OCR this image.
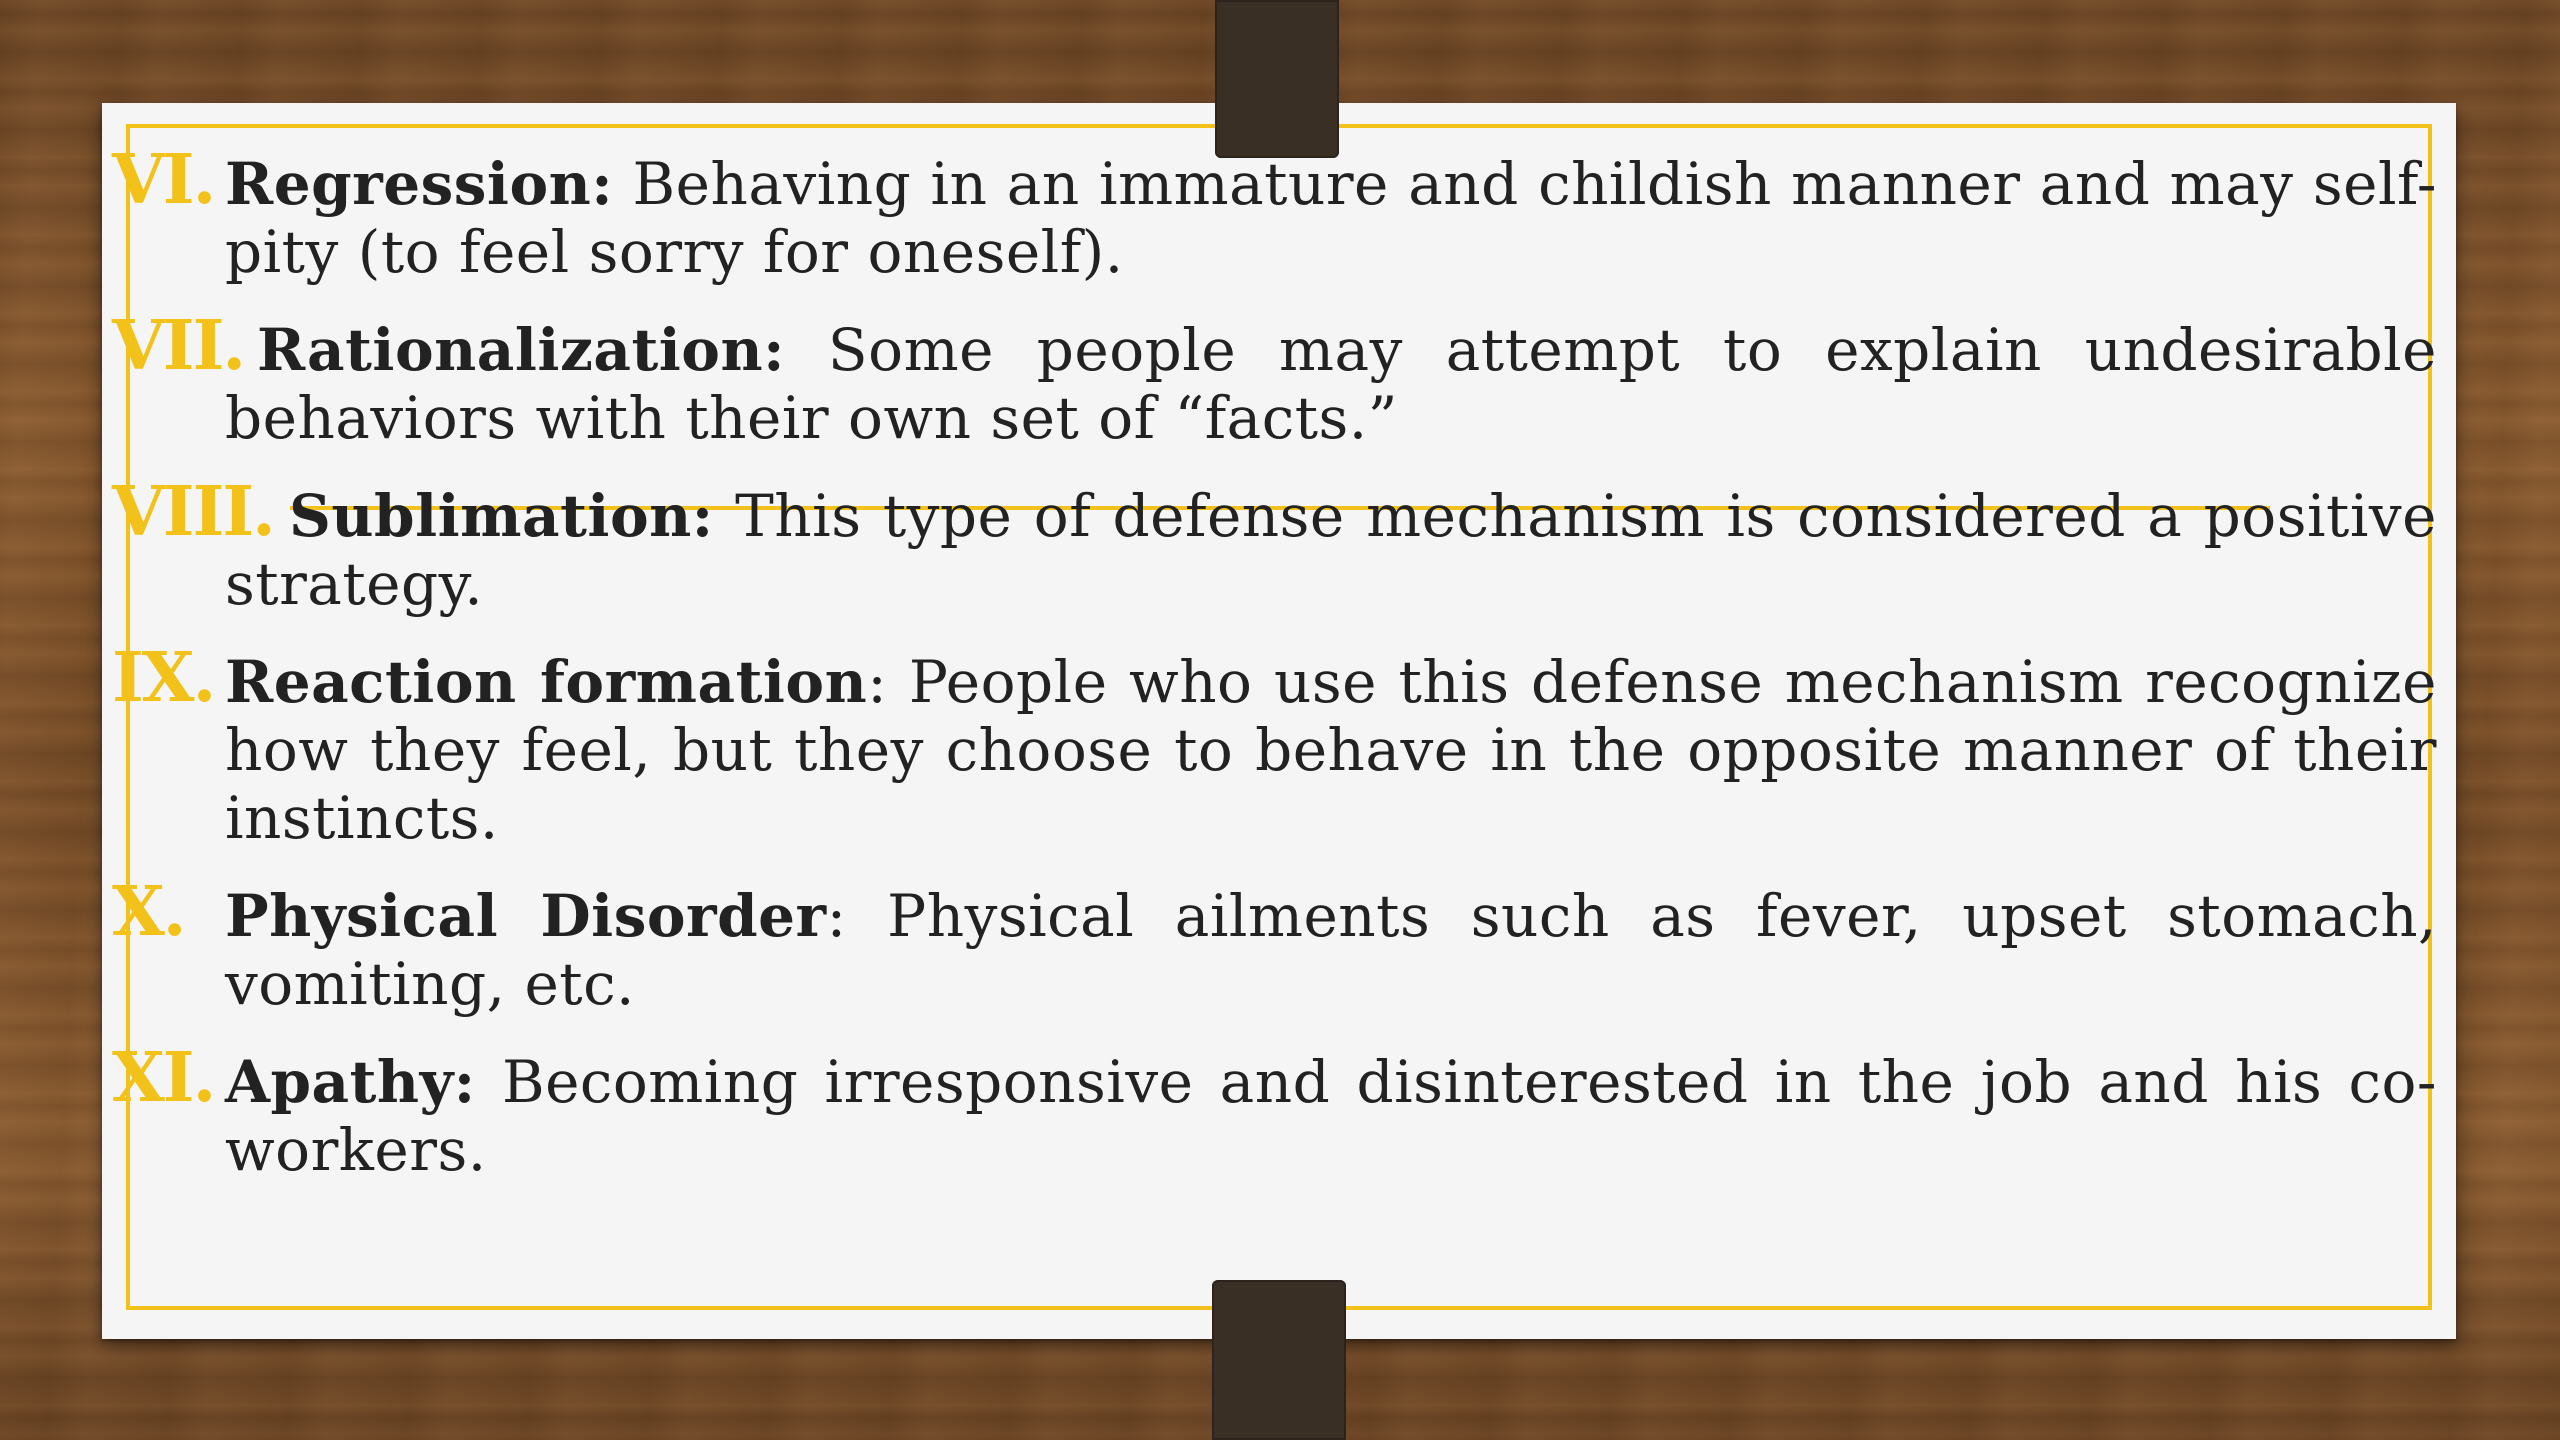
VI. Regression: Behaving in an immature and childish manner and may self-pity (to feel sorry for oneself).
VII. Rationalization: Some people may attempt to explain undesirable behaviors with their own set of “facts.”
VIII. Sublimation: This type of defense mechanism is considered a positive strategy.
IX. Reaction formation: People who use this defense mechanism recognize how they feel, but they choose to behave in the opposite manner of their instincts.
X. Physical Disorder: Physical ailments such as fever, upset stomach, vomiting, etc.
XI. Apathy: Becoming irresponsive and disinterested in the job and his co-workers.
